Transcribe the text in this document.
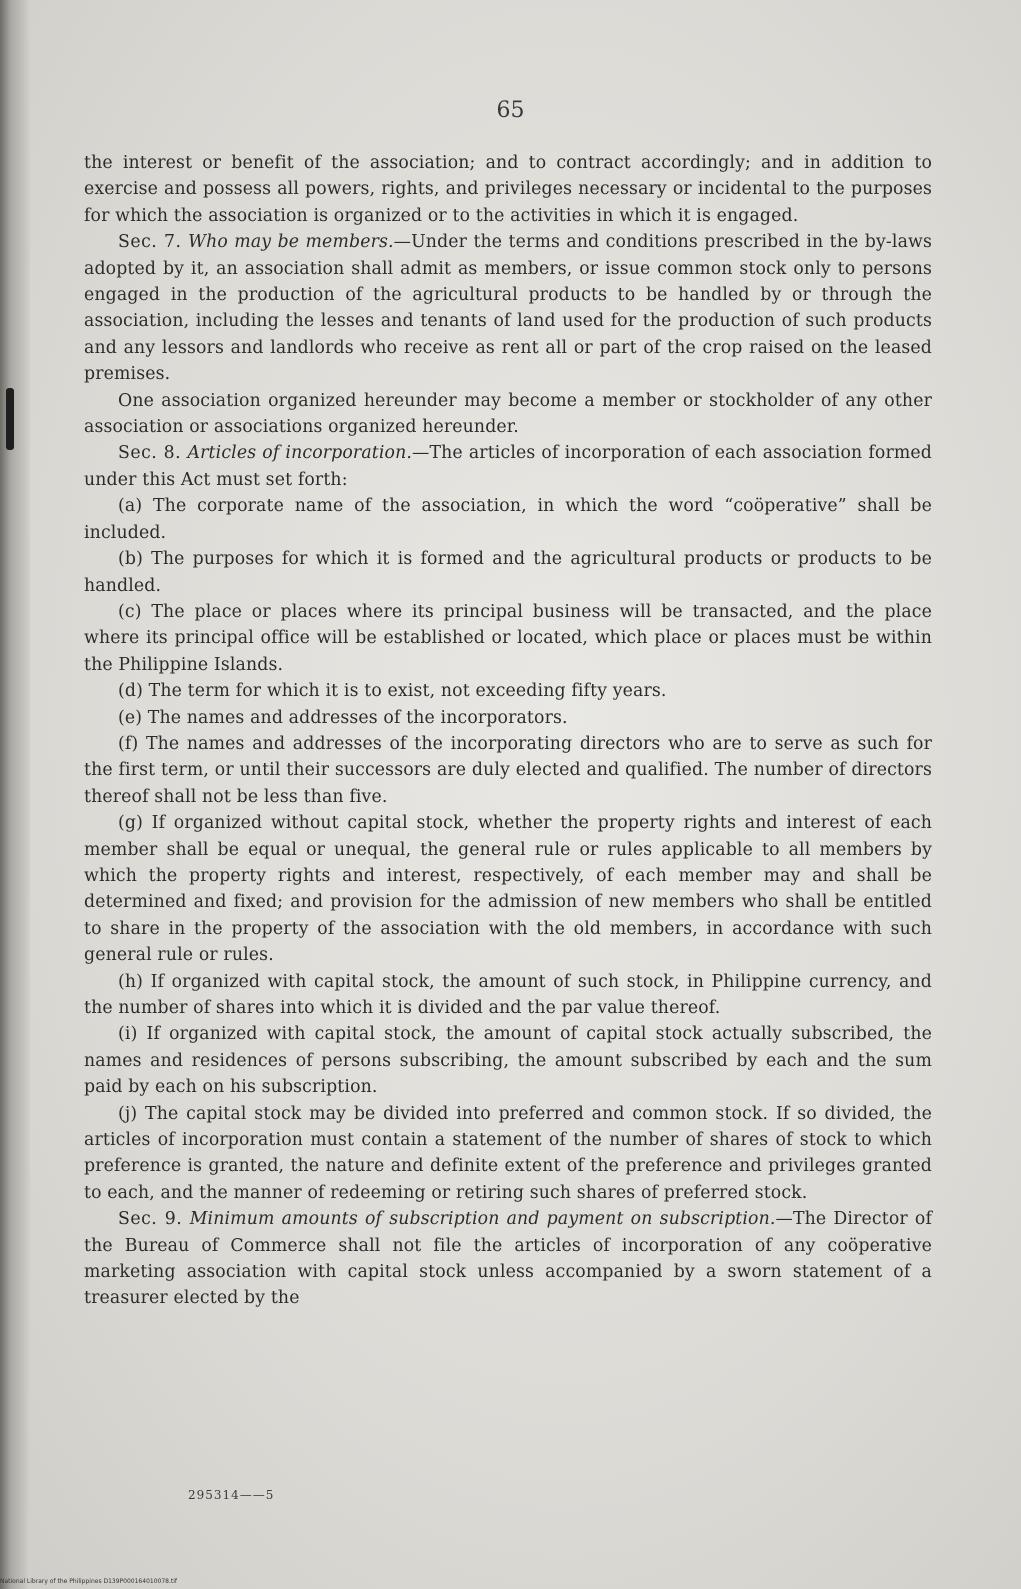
65

the interest or benefit of the association; and to contract accordingly; and in addition to exercise and possess all powers, rights, and privileges necessary or incidental to the purposes for which the association is organized or to the activities in which it is engaged.

Sec. 7. Who may be members.—Under the terms and conditions prescribed in the by-laws adopted by it, an association shall admit as members, or issue common stock only to persons engaged in the production of the agricultural products to be handled by or through the association, including the lesses and tenants of land used for the production of such products and any lessors and landlords who receive as rent all or part of the crop raised on the leased premises.

One association organized hereunder may become a member or stockholder of any other association or associations organized hereunder.

Sec. 8. Articles of incorporation.—The articles of incorporation of each association formed under this Act must set forth:

(a) The corporate name of the association, in which the word “coöperative” shall be included.

(b) The purposes for which it is formed and the agricultural products or products to be handled.

(c) The place or places where its principal business will be transacted, and the place where its principal office will be established or located, which place or places must be within the Philippine Islands.

(d) The term for which it is to exist, not exceeding fifty years.

(e) The names and addresses of the incorporators.

(f) The names and addresses of the incorporating directors who are to serve as such for the first term, or until their successors are duly elected and qualified. The number of directors thereof shall not be less than five.

(g) If organized without capital stock, whether the property rights and interest of each member shall be equal or unequal, the general rule or rules applicable to all members by which the property rights and interest, respectively, of each member may and shall be determined and fixed; and provision for the admission of new members who shall be entitled to share in the property of the association with the old members, in accordance with such general rule or rules.

(h) If organized with capital stock, the amount of such stock, in Philippine currency, and the number of shares into which it is divided and the par value thereof.

(i) If organized with capital stock, the amount of capital stock actually subscribed, the names and residences of persons subscribing, the amount subscribed by each and the sum paid by each on his subscription.

(j) The capital stock may be divided into preferred and common stock. If so divided, the articles of incorporation must contain a statement of the number of shares of stock to which preference is granted, the nature and definite extent of the preference and privileges granted to each, and the manner of redeeming or retiring such shares of preferred stock.

Sec. 9. Minimum amounts of subscription and payment on subscription.—The Director of the Bureau of Commerce shall not file the articles of incorporation of any coöperative marketing association with capital stock unless accompanied by a sworn statement of a treasurer elected by the

295314——5
National Library of the Philippines D139P000164010078.tif
